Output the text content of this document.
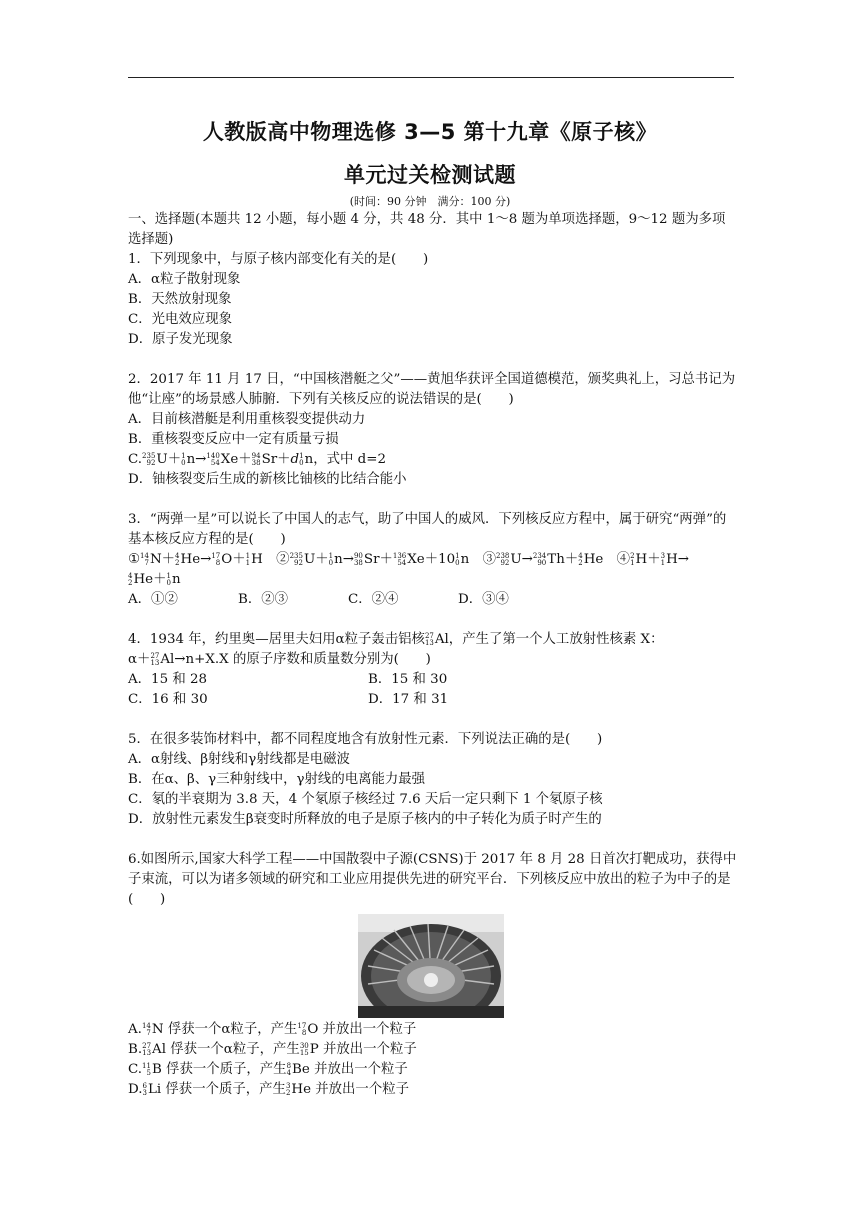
人教版高中物理选修 3—5 第十九章《原子核》
单元过关检测试题
(时间：90 分钟　满分：100 分)

一、选择题(本题共 12 小题，每小题 4 分，共 48 分．其中 1～8 题为单项选择题，9～12 题为多项选择题)

1．下列现象中，与原子核内部变化有关的是(　　)

A．α粒子散射现象

B．天然放射现象

C．光电效应现象

D．原子发光现象

2．2017 年 11 月 17 日，“中国核潜艇之父”——黄旭华获评全国道德模范，颁奖典礼上，习总书记为他“让座”的场景感人肺腑．下列有关核反应的说法错误的是(　　)

A．目前核潜艇是利用重核裂变提供动力

B．重核裂变反应中一定有质量亏损

C. 235
92 U＋ 1
0 n→ 140
54 Xe＋ 94
38 Sr＋d 1
0 n，式中 d=2

D．铀核裂变后生成的新核比铀核的比结合能小

3．“两弹一星”可以说长了中国人的志气，助了中国人的威风．下列核反应方程中，属于研究“两弹”的基本核反应方程的是(　　)

① 14
7 N＋ 4
2 He→ 17
8 O＋ 1
1 H　② 235
92 U＋ 1
0 n→ 90
38 Sr＋ 136
54 Xe＋10 1
0 n　③ 238
92 U→ 234
90 Th＋ 4
2 He　④ 2
1 H＋ 3
1 H→

4
2 He＋ 1
0 n

A．①②	B．②③	C．②④	D．③④

4．1934 年，约里奥—居里夫妇用α粒子轰击铝核 27
13 Al，产生了第一个人工放射性核素 X：
α＋ 27
13 Al→n+X.X 的原子序数和质量数分别为(　　)

A．15 和 28	B．15 和 30

C．16 和 30	D．17 和 31

5．在很多装饰材料中，都不同程度地含有放射性元素．下列说法正确的是(　　)

A．α射线、β射线和γ射线都是电磁波

B．在α、β、γ三种射线中，γ射线的电离能力最强

C．氡的半衰期为 3.8 天，4 个氡原子核经过 7.6 天后一定只剩下 1 个氡原子核

D．放射性元素发生β衰变时所释放的电子是原子核内的中子转化为质子时产生的

6.如图所示,国家大科学工程——中国散裂中子源(CSNS)于 2017 年 8 月 28 日首次打靶成功，获得中子束流，可以为诸多领域的研究和工业应用提供先进的研究平台．下列核反应中放出的粒子为中子的是(　　)

A. 14
7 N 俘获一个α粒子，产生 17
8 O 并放出一个粒子

B. 27
13 Al 俘获一个α粒子，产生 30
15 P 并放出一个粒子

C. 11
5 B 俘获一个质子，产生 8
4 Be 并放出一个粒子

D. 6
3 Li 俘获一个质子，产生 3
2 He 并放出一个粒子
